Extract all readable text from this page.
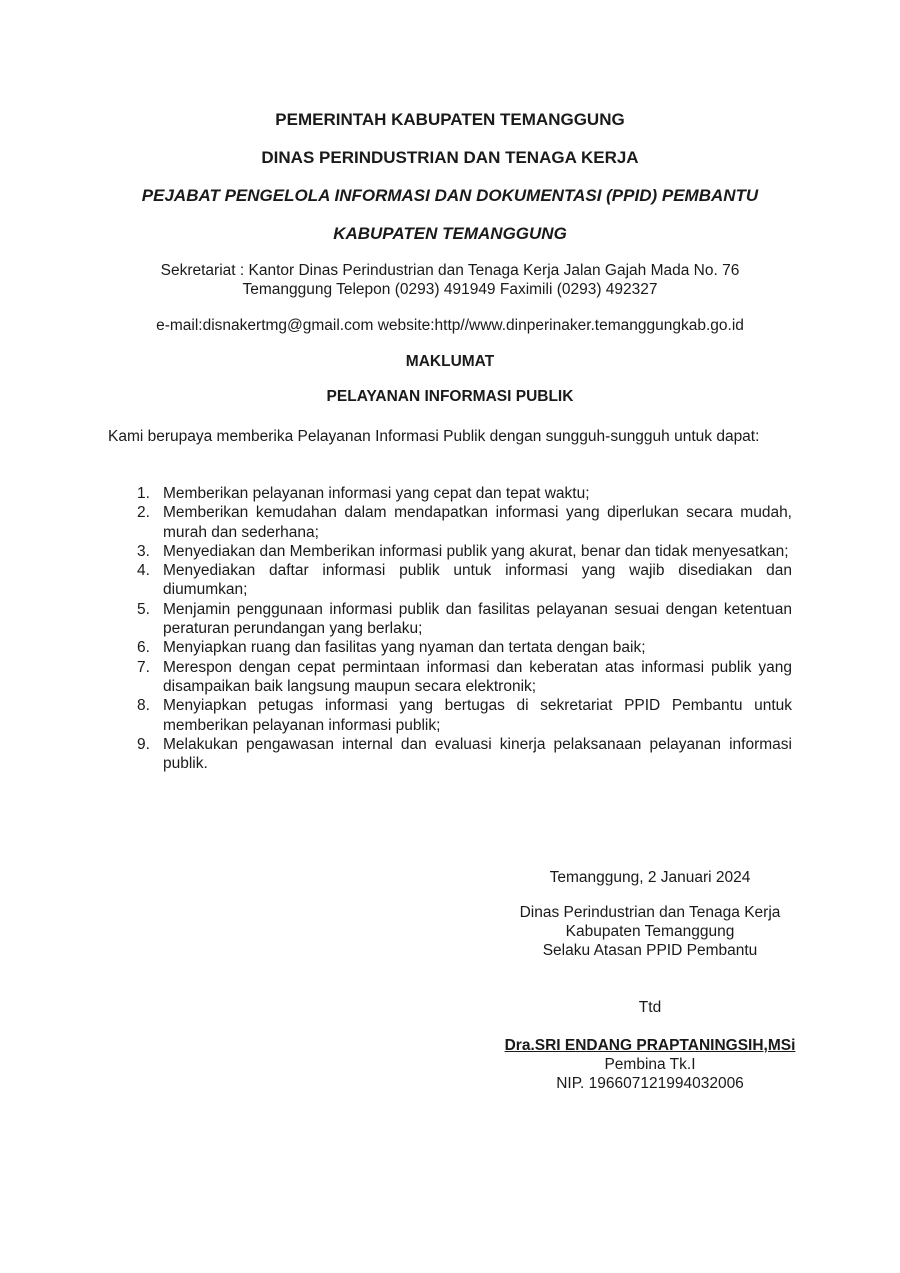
PEMERINTAH KABUPATEN TEMANGGUNG
DINAS PERINDUSTRIAN DAN TENAGA KERJA
PEJABAT PENGELOLA INFORMASI DAN DOKUMENTASI (PPID) PEMBANTU
KABUPATEN TEMANGGUNG
Sekretariat : Kantor Dinas Perindustrian dan Tenaga Kerja Jalan Gajah Mada No. 76
Temanggung Telepon (0293) 491949 Faximili (0293) 492327
e-mail:disnakertmg@gmail.com website:http//www.dinperinaker.temanggungkab.go.id
MAKLUMAT
PELAYANAN INFORMASI PUBLIK
Kami berupaya memberika Pelayanan Informasi Publik dengan sungguh-sungguh untuk dapat:
1. Memberikan pelayanan informasi yang cepat dan tepat waktu;
2. Memberikan kemudahan dalam mendapatkan informasi yang diperlukan secara mudah, murah dan sederhana;
3. Menyediakan dan Memberikan informasi publik yang akurat, benar dan tidak menyesatkan;
4. Menyediakan daftar informasi publik untuk informasi yang wajib disediakan dan diumumkan;
5. Menjamin penggunaan informasi publik dan fasilitas pelayanan sesuai dengan ketentuan peraturan perundangan yang berlaku;
6. Menyiapkan ruang dan fasilitas yang nyaman dan tertata dengan baik;
7. Merespon dengan cepat permintaan informasi dan keberatan atas informasi publik yang disampaikan baik langsung maupun secara elektronik;
8. Menyiapkan petugas informasi yang bertugas di sekretariat PPID Pembantu untuk memberikan pelayanan informasi publik;
9. Melakukan pengawasan internal dan evaluasi kinerja pelaksanaan pelayanan informasi publik.
Temanggung, 2 Januari 2024
Dinas Perindustrian dan Tenaga Kerja
Kabupaten Temanggung
Selaku Atasan PPID Pembantu
Ttd
Dra.SRI ENDANG PRAPTANINGSIH,MSi
Pembina Tk.I
NIP. 196607121994032006
